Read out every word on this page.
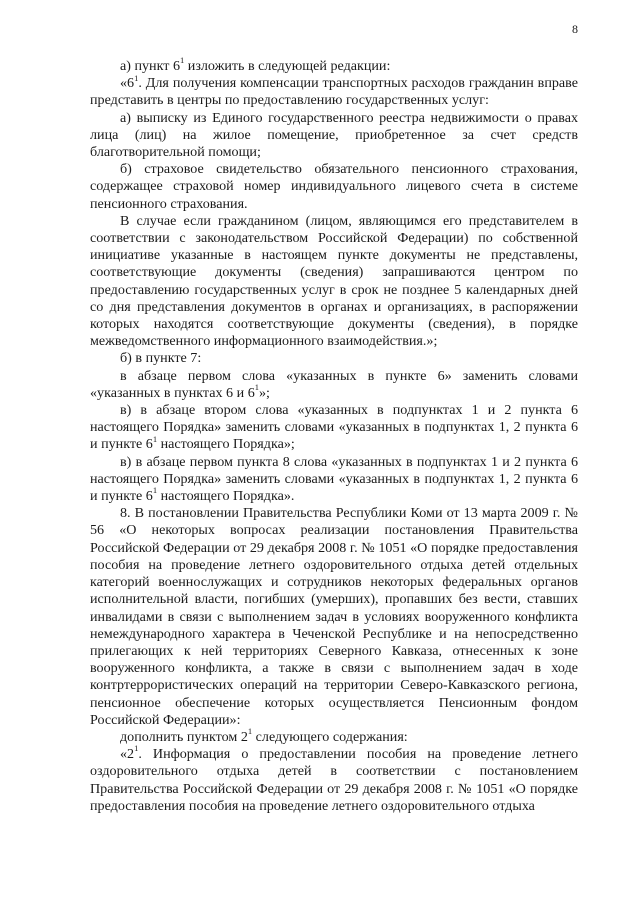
8

а) пункт $6^1$ изложить в следующей редакции:

«$6^1$. Для получения компенсации транспортных расходов гражданин вправе представить в центры по предоставлению государственных услуг:

а) выписку из Единого государственного реестра недвижимости о правах лица (лиц) на жилое помещение, приобретенное за счет средств благотворительной помощи;

б) страховое свидетельство обязательного пенсионного страхования, содержащее страховой номер индивидуального лицевого счета в системе пенсионного страхования.

В случае если гражданином (лицом, являющимся его представителем в соответствии с законодательством Российской Федерации) по собственной инициативе указанные в настоящем пункте документы не представлены, соответствующие документы (сведения) запрашиваются центром по предоставлению государственных услуг в срок не позднее 5 календарных дней со дня представления документов в органах и организациях, в распоряжении которых находятся соответствующие документы (сведения), в порядке межведомственного информационного взаимодействия.»;

б) в пункте 7:

в абзаце первом слова «указанных в пункте 6» заменить словами «указанных в пунктах 6 и $6^1$»;

в) в абзаце втором слова «указанных в подпунктах 1 и 2 пункта 6 настоящего Порядка» заменить словами «указанных в подпунктах 1, 2 пункта 6 и пункте $6^1$ настоящего Порядка»;

в) в абзаце первом пункта 8 слова «указанных в подпунктах 1 и 2 пункта 6 настоящего Порядка» заменить словами «указанных в подпунктах 1, 2 пункта 6 и пункте $6^1$ настоящего Порядка».

8. В постановлении Правительства Республики Коми от 13 марта 2009 г. № 56 «О некоторых вопросах реализации постановления Правительства Российской Федерации от 29 декабря 2008 г. № 1051 «О порядке предоставления пособия на проведение летнего оздоровительного отдыха детей отдельных категорий военнослужащих и сотрудников некоторых федеральных органов исполнительной власти, погибших (умерших), пропавших без вести, ставших инвалидами в связи с выполнением задач в условиях вооруженного конфликта немеждународного характера в Чеченской Республике и на непосредственно прилегающих к ней территориях Северного Кавказа, отнесенных к зоне вооруженного конфликта, а также в связи с выполнением задач в ходе контртеррористических операций на территории Северо-Кавказского региона, пенсионное обеспечение которых осуществляется Пенсионным фондом Российской Федерации»:

дополнить пунктом $2^1$ следующего содержания:

«$2^1$. Информация о предоставлении пособия на проведение летнего оздоровительного отдыха детей в соответствии с постановлением Правительства Российской Федерации от 29 декабря 2008 г. № 1051 «О порядке предоставления пособия на проведение летнего оздоровительного отдыха
